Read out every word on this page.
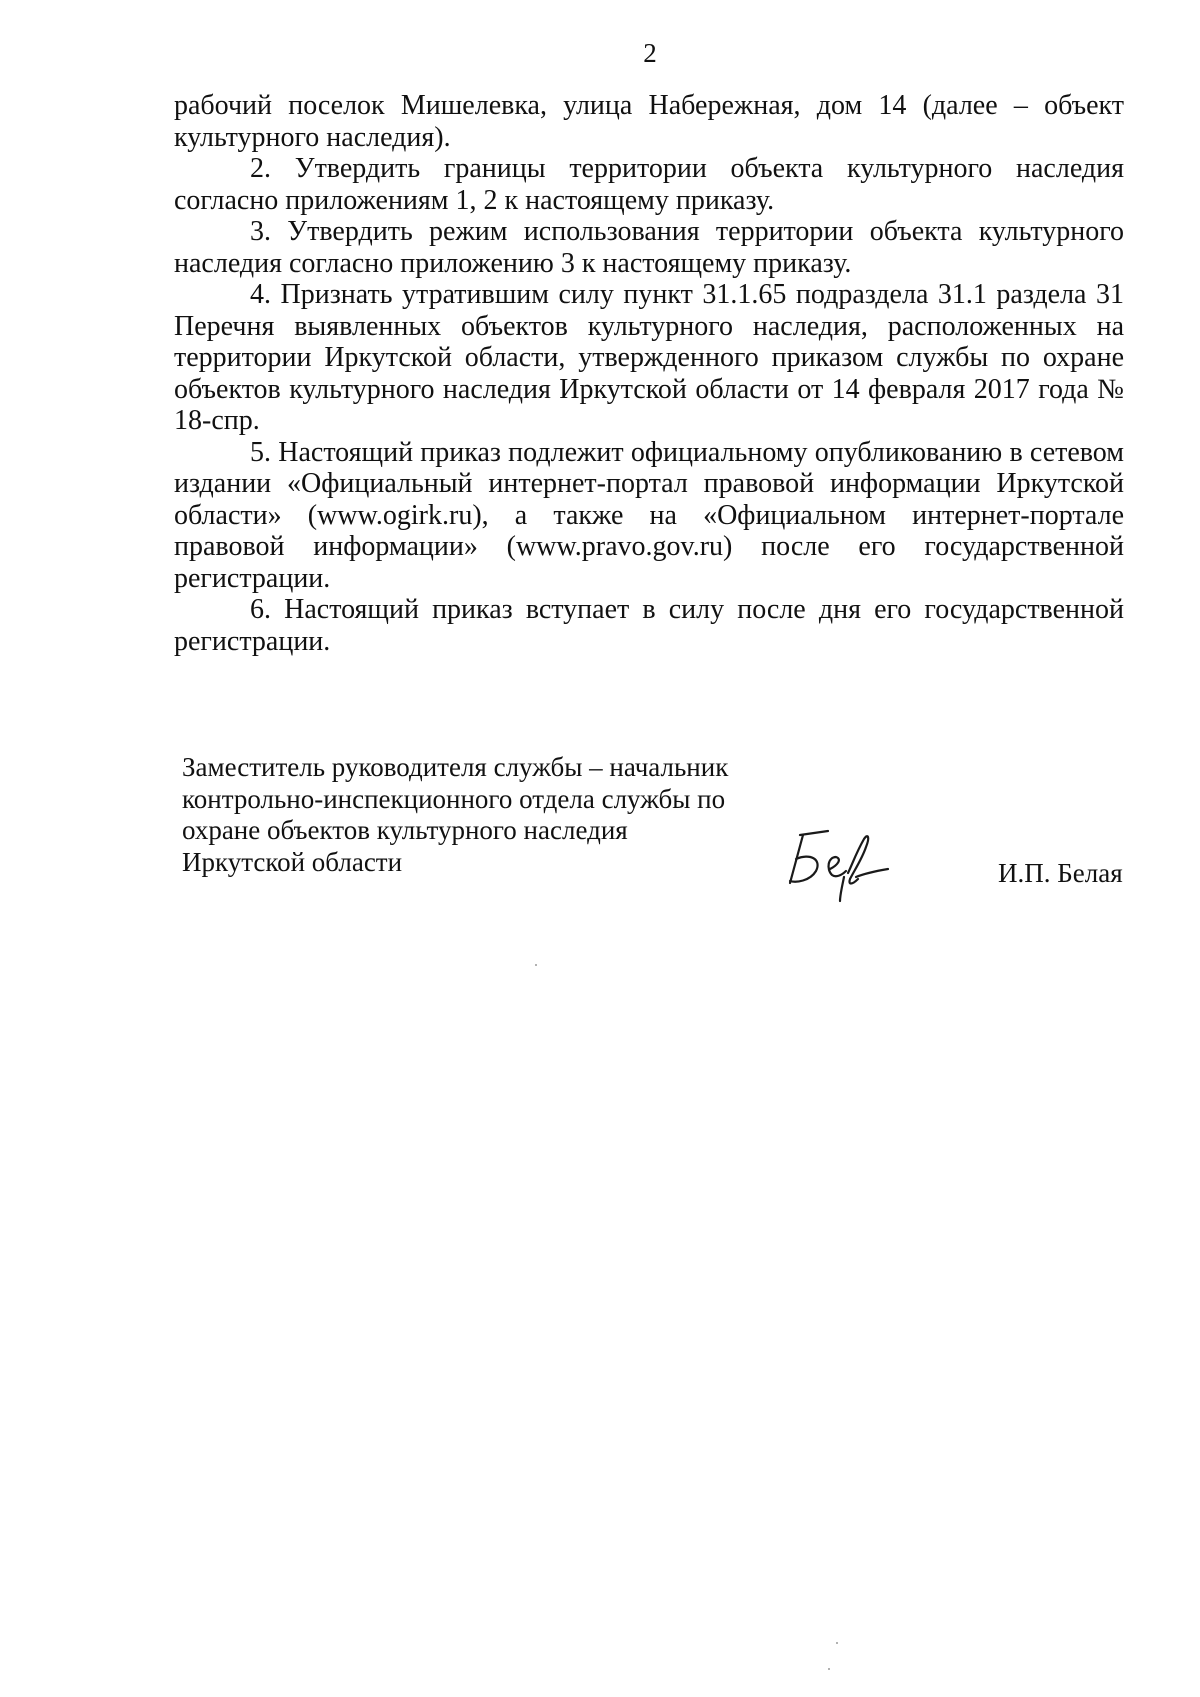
2

рабочий поселок Мишелевка, улица Набережная, дом 14 (далее – объект культурного наследия).

2. Утвердить границы территории объекта культурного наследия согласно приложениям 1, 2 к настоящему приказу.

3. Утвердить режим использования территории объекта культурного наследия согласно приложению 3 к настоящему приказу.

4. Признать утратившим силу пункт 31.1.65 подраздела 31.1 раздела 31 Перечня выявленных объектов культурного наследия, расположенных на территории Иркутской области, утвержденного приказом службы по охране объектов культурного наследия Иркутской области от 14 февраля 2017 года № 18-спр.

5. Настоящий приказ подлежит официальному опубликованию в сетевом издании «Официальный интернет-портал правовой информации Иркутской области» (www.ogirk.ru), а также на «Официальном интернет-портале правовой информации» (www.pravo.gov.ru) после его государственной регистрации.

6. Настоящий приказ вступает в силу после дня его государственной регистрации.

Заместитель руководителя службы – начальник
контрольно-инспекционного отдела службы по
охране объектов культурного наследия
Иркутской области	И.П. Белая
